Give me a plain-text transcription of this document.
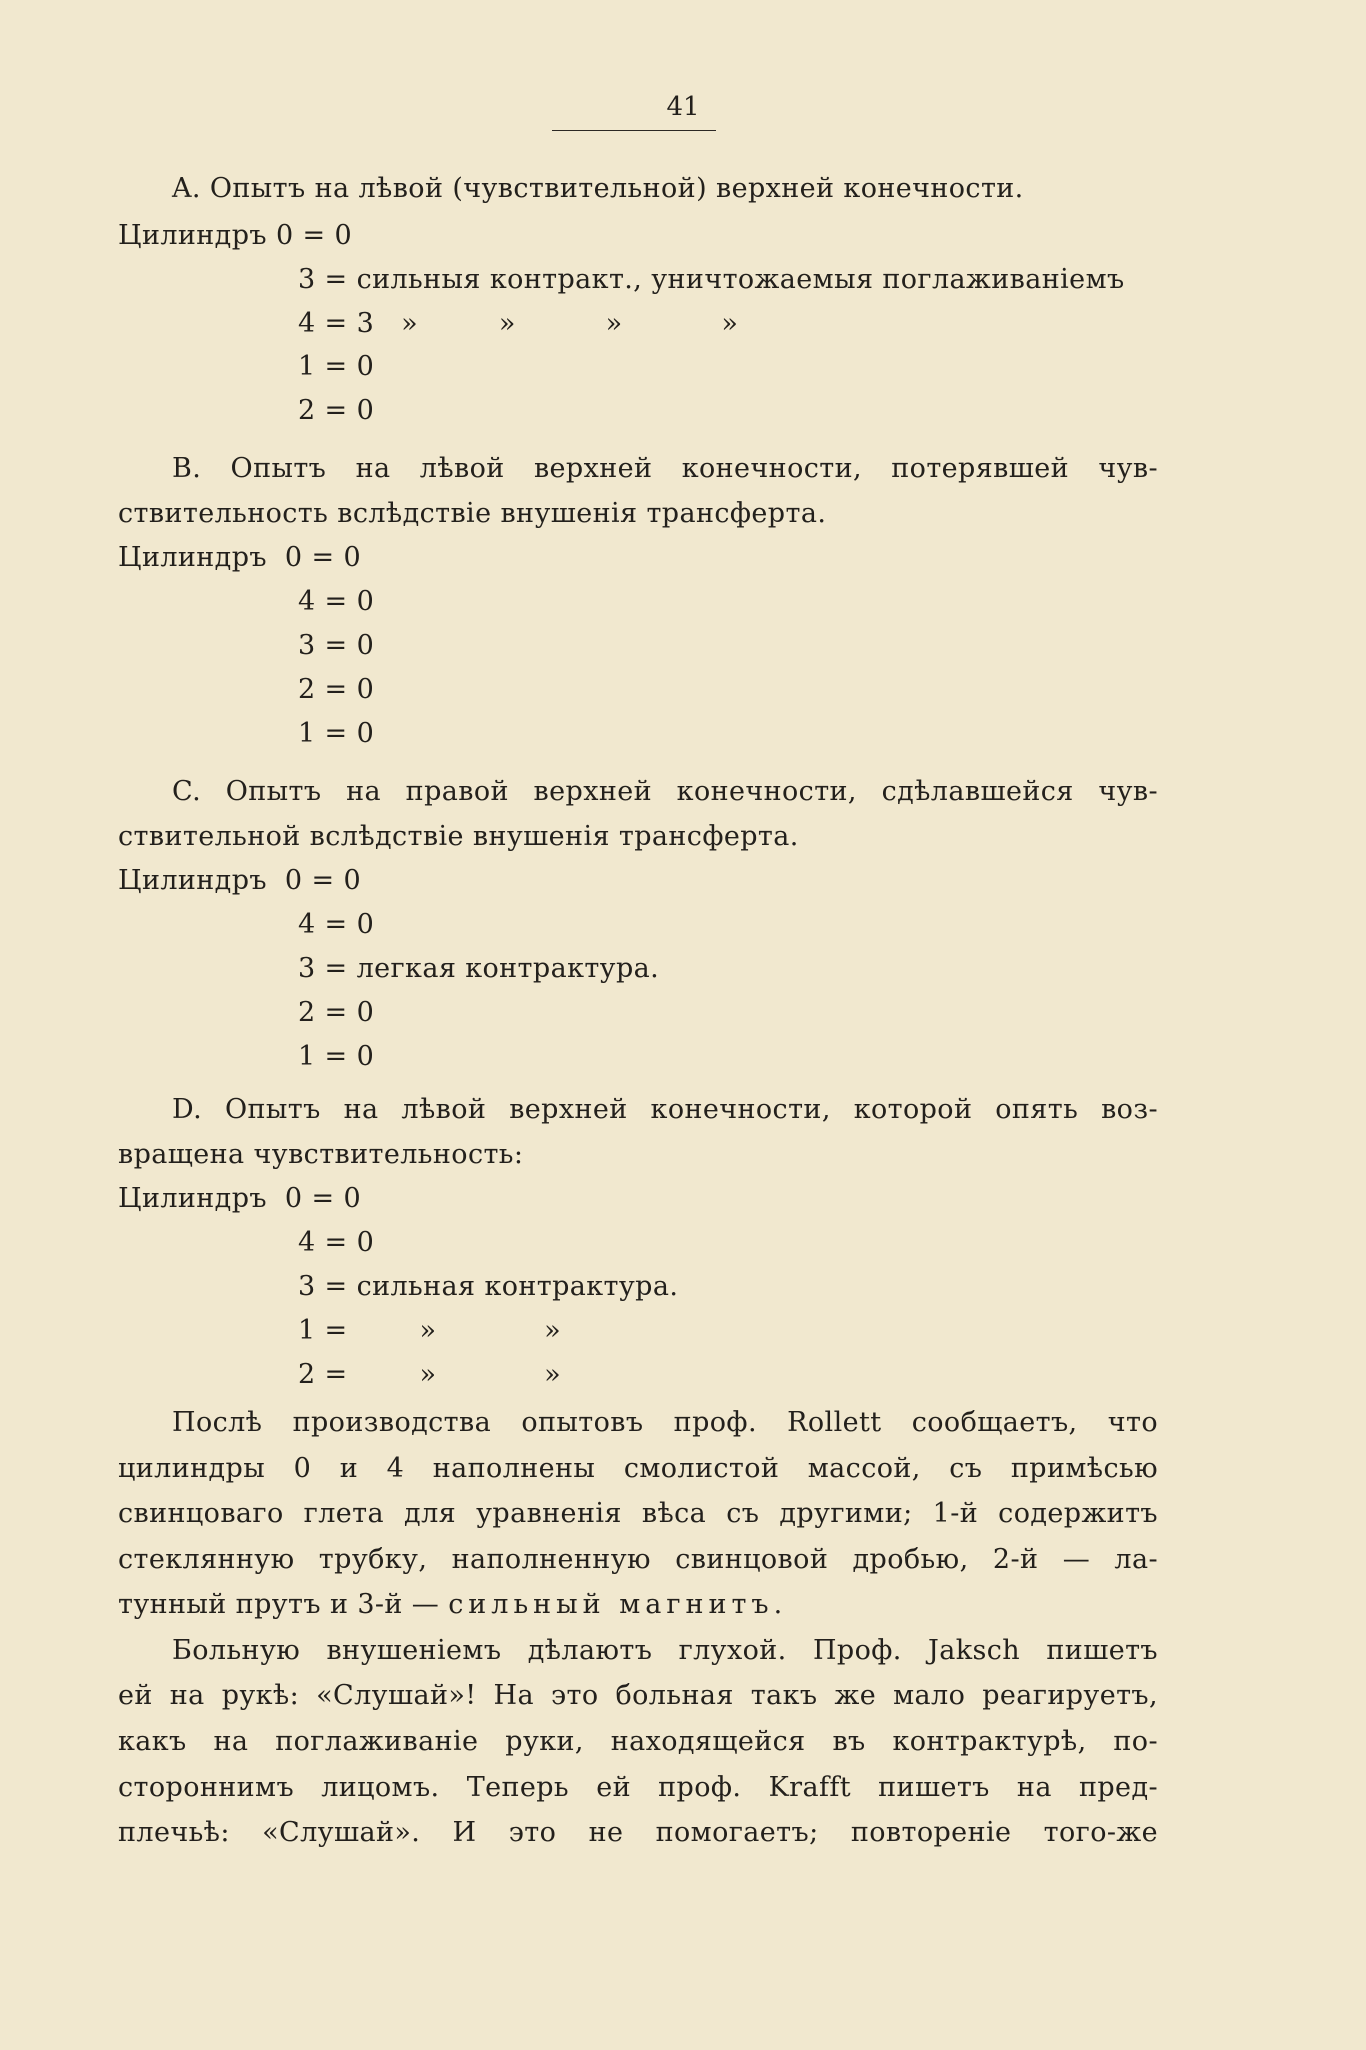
41
A. Опытъ на лѣвой (чувствительной) верхней конечности.
Цилиндръ 0 = 0
3 = сильныя контракт., уничтожаемыя поглаживаніемъ
4 = 3   »         »          »           »
1 = 0
2 = 0
B. Опытъ на лѣвой верхней конечности, потерявшей чув-
ствительность вслѣдствіе внушенія трансферта.
Цилиндръ  0 = 0
4 = 0
3 = 0
2 = 0
1 = 0
C. Опытъ на правой верхней конечности, сдѣлавшейся чув-
ствительной вслѣдствіе внушенія трансферта.
Цилиндръ  0 = 0
4 = 0
3 = легкая контрактура.
2 = 0
1 = 0
D. Опытъ на лѣвой верхней конечности, которой опять воз-
вращена чувствительность:
Цилиндръ  0 = 0
4 = 0
3 = сильная контрактура.
1 =        »            »
2 =        »            »
Послѣ производства опытовъ проф. Rollett сообщаетъ, что
цилиндры 0 и 4 наполнены смолистой массой, съ примѣсью
свинцоваго глета для уравненія вѣса съ другими; 1-й содержитъ
стеклянную трубку, наполненную свинцовой дробью, 2-й — ла-
тунный прутъ и 3-й — сильный магнитъ.
Больную внушеніемъ дѣлаютъ глухой. Проф. Jaksch пишетъ
ей на рукѣ: «Слушай»! На это больная такъ же мало реагируетъ,
какъ на поглаживаніе руки, находящейся въ контрактурѣ, по-
стороннимъ лицомъ. Теперь ей проф. Krafft пишетъ на пред-
плечьѣ: «Слушай». И это не помогаетъ; повтореніе того-же
